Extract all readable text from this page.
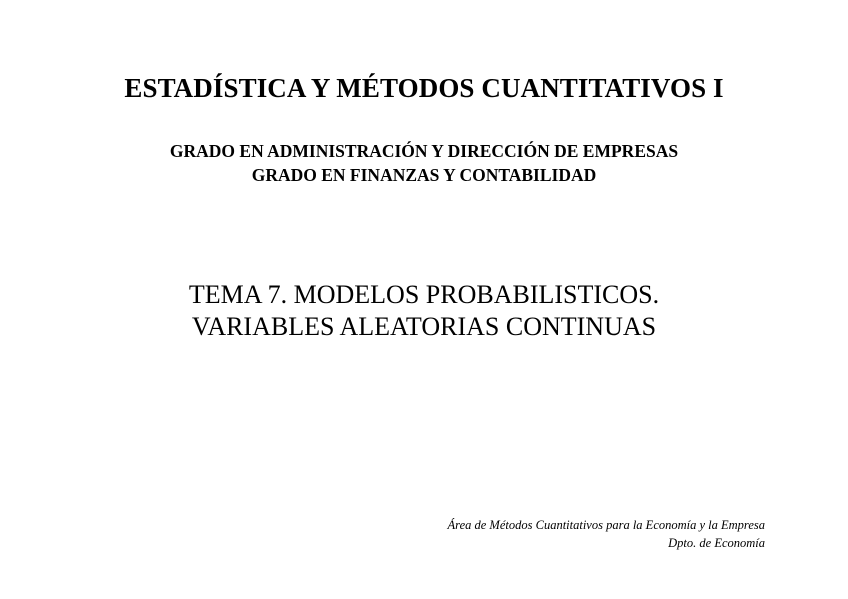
ESTADÍSTICA Y MÉTODOS CUANTITATIVOS I
GRADO EN ADMINISTRACIÓN Y DIRECCIÓN DE EMPRESAS
GRADO EN FINANZAS Y CONTABILIDAD
TEMA 7. MODELOS PROBABILISTICOS.
VARIABLES ALEATORIAS CONTINUAS
Área de Métodos Cuantitativos para la Economía y la Empresa
Dpto. de Economía
